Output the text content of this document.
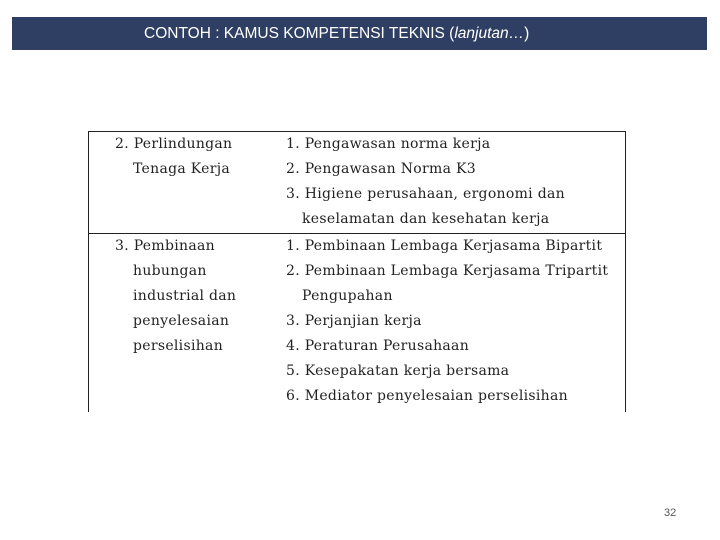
CONTOH : KAMUS KOMPETENSI TEKNIS (lanjutan…)
2. Perlindungan
Tenaga Kerja
1. Pengawasan norma kerja
2. Pengawasan Norma K3
3. Higiene perusahaan, ergonomi dan
keselamatan dan kesehatan kerja
3. Pembinaan
hubungan
industrial dan
penyelesaian
perselisihan
1. Pembinaan Lembaga Kerjasama Bipartit
2. Pembinaan Lembaga Kerjasama Tripartit
Pengupahan
3. Perjanjian kerja
4. Peraturan Perusahaan
5. Kesepakatan kerja bersama
6. Mediator penyelesaian perselisihan
32
